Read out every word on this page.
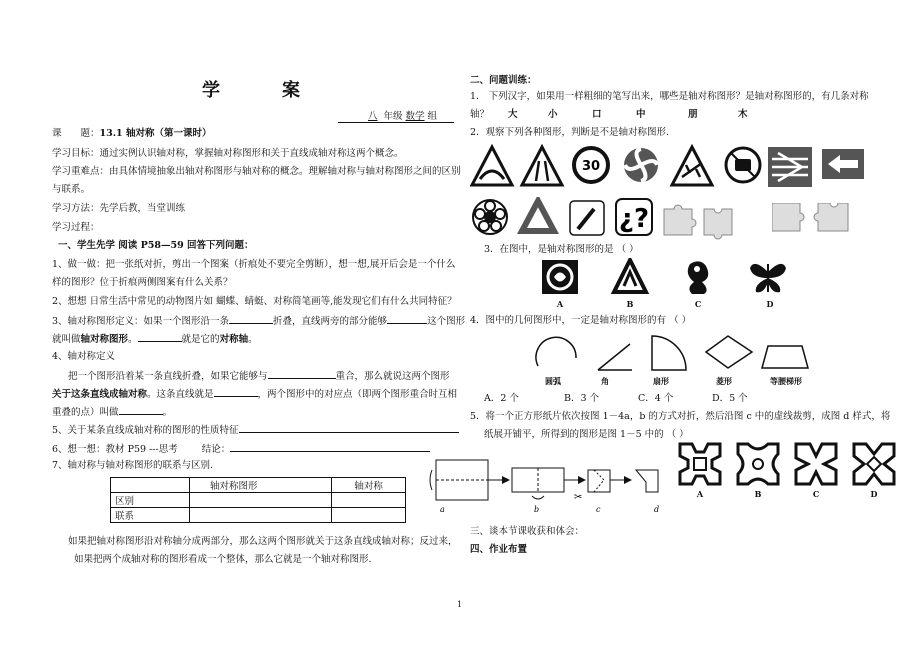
学　　　案
八 年级 数学 组
课　　题：13.1 轴对称（第一课时）
学习目标：通过实例认识轴对称，掌握轴对称图形和关于直线成轴对称这两个概念。
学习重难点：由具体情境抽象出轴对称图形与轴对称的概念。理解轴对称与轴对称图形之间的区别
与联系。
学习方法：先学后教，当堂训练
学习过程：
一、学生先学 阅读 P58—59 回答下列问题：
1、做一做：把一张纸对折，剪出一个图案（折痕处不要完全剪断），想一想,展开后会是一个什么
样的图形？位于折痕两侧图案有什么关系？
2、想想 日常生活中常见的动物图片如 蝴蝶、蜻蜓、对称简笔画等,能发现它们有什么共同特征？
3、轴对称图形定义：如果一个图形沿一条	折叠，直线两旁的部分能够	这个图形
就叫做轴对称图形。	就是它的对称轴。
4、轴对称定义
把一个图形沿着某一条直线折叠，如果它能够与	重合，那么就说这两个图形
关于这条直线成轴对称。这条直线就是	，两个图形中的对应点（即两个图形重合时互相
重叠的点）叫做	。
5、关于某条直线成轴对称的图形的性质特征
6、想一想：教材 P59 ---思考	结论：
7、轴对称与轴对称图形的联系与区别.
	轴对称图形	轴对称
区别		
联系		
如果把轴对称图形沿对称轴分成两部分，那么这两个图形就关于这条直线成轴对称；反过来，
如果把两个成轴对称的图形看成一个整体，那么它就是一个轴对称图形.
二、问题训练：
1． 下列汉字，如果用一样粗细的笔写出来，哪些是轴对称图形？是轴对称图形的，有几条对称
轴？ 大	小	口	中	朋	木
2．观察下列各种图形，判断是不是轴对称图形.
30
¿?
3．在图中，是轴对称图形的是 （ ）
A	B	C	D
4．图中的几何图形中，一定是轴对称图形的有 （ ）
圆弧	角	扇形	菱形	等腰梯形
A．2 个	B．3 个	C．4 个	D．5 个
5．将一个正方形纸片依次按图 1－4a，b 的方式对折，然后沿图 c 中的虚线裁剪，成图 d 样式，将
纸展开铺平，所得到的图形是图 1－5 中的 （ ）
✂
a	b	c	d
A	B	C	D
三、谈本节课收获和体会：
四、作业布置
1
